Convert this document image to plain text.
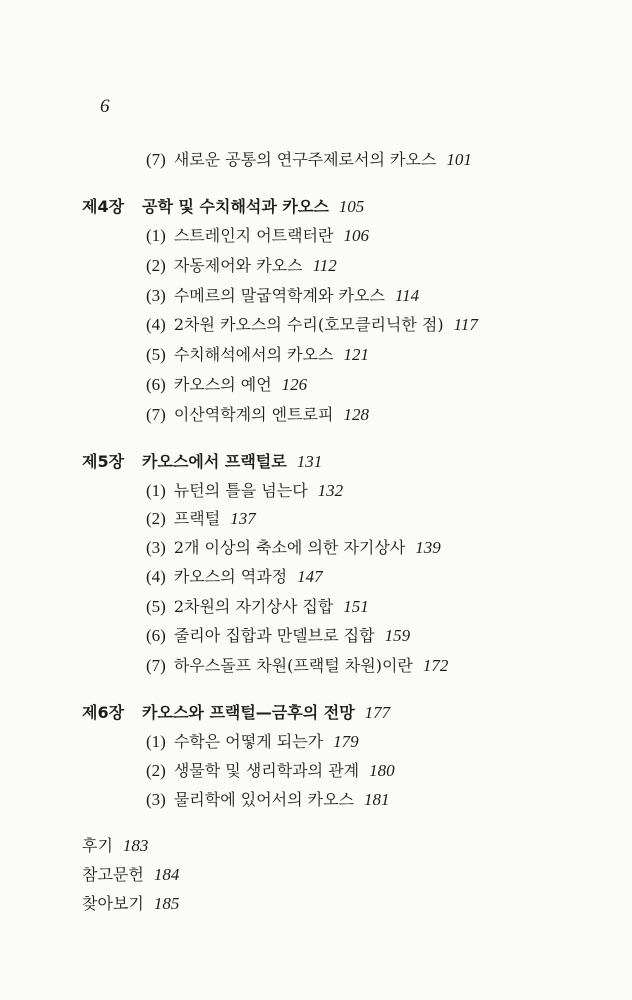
6
(7) 새로운 공통의 연구주제로서의 카오스 101
제4장 공학 및 수치해석과 카오스 105
(1) 스트레인지 어트랙터란 106
(2) 자동제어와 카오스 112
(3) 수메르의 말굽역학계와 카오스 114
(4) 2차원 카오스의 수리(호모클리닉한 점) 117
(5) 수치해석에서의 카오스 121
(6) 카오스의 예언 126
(7) 이산역학계의 엔트로피 128
제5장 카오스에서 프랙털로 131
(1) 뉴턴의 틀을 넘는다 132
(2) 프랙털 137
(3) 2개 이상의 축소에 의한 자기상사 139
(4) 카오스의 역과정 147
(5) 2차원의 자기상사 집합 151
(6) 줄리아 집합과 만델브로 집합 159
(7) 하우스돌프 차원(프랙털 차원)이란 172
제6장 카오스와 프랙털—금후의 전망 177
(1) 수학은 어떻게 되는가 179
(2) 생물학 및 생리학과의 관계 180
(3) 물리학에 있어서의 카오스 181
후기 183
참고문헌 184
찾아보기 185
